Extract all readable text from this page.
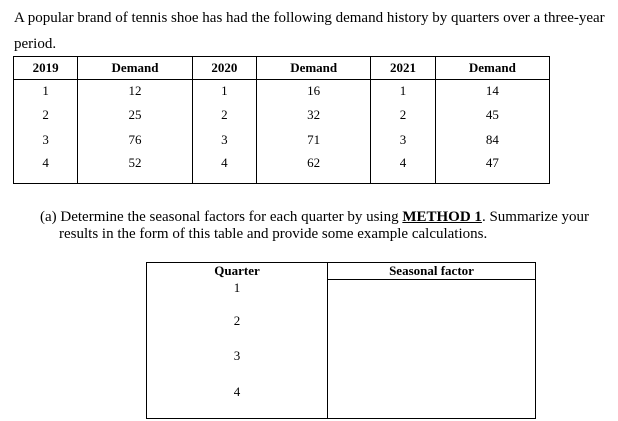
A popular brand of tennis shoe has had the following demand history by quarters over a three-year period.

2019	Demand	2020	Demand	2021	Demand
1	12	1	16	1	14
2	25	2	32	2	45
3	76	3	71	3	84
4	52	4	62	4	47

(a) Determine the seasonal factors for each quarter by using METHOD 1. Summarize your
results in the form of this table and provide some example calculations.

Quarter	Seasonal factor

1
2
3
4	
